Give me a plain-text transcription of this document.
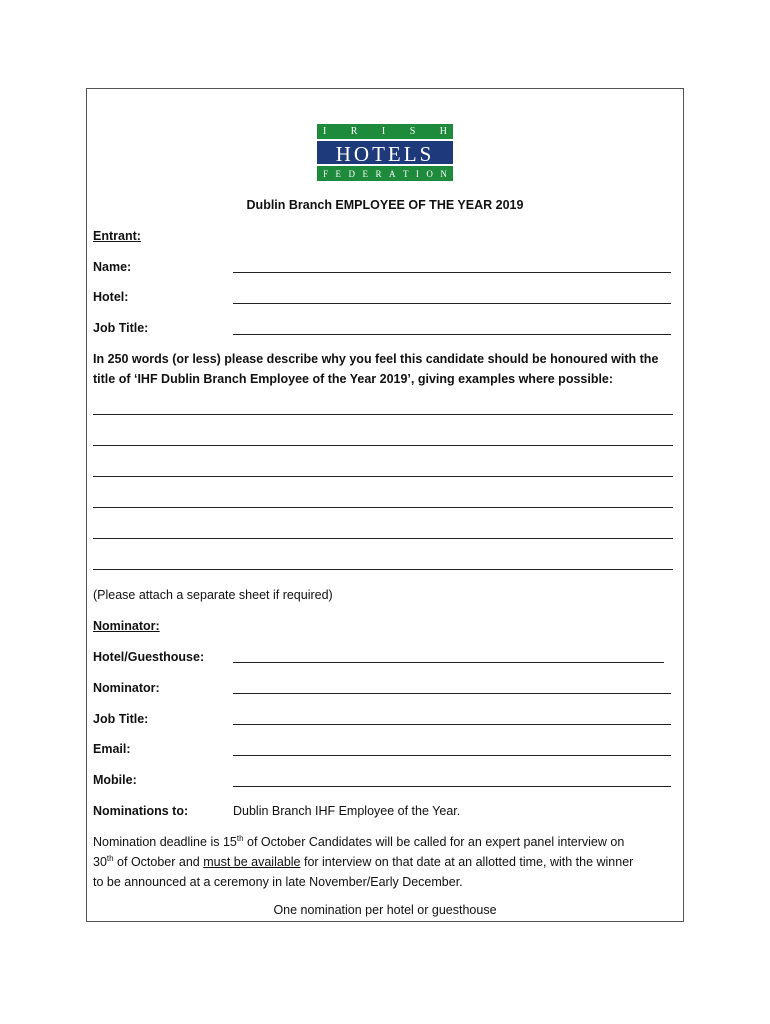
I R I S H
HOTELS
F E D E R A T I O N
Dublin Branch EMPLOYEE OF THE YEAR 2019
Entrant:
Name:
Hotel:
Job Title:
In 250 words (or less) please describe why you feel this candidate should be honoured with the
title of ‘IHF Dublin Branch Employee of the Year 2019’, giving examples where possible:
(Please attach a separate sheet if required)
Nominator:
Hotel/Guesthouse:
Nominator:
Job Title:
Email:
Mobile:
Nominations to:	Dublin Branch IHF Employee of the Year.
Nomination deadline is 15th of October Candidates will be called for an expert panel interview on
30th of October and must be available for interview on that date at an allotted time, with the winner
to be announced at a ceremony in late November/Early December.
One nomination per hotel or guesthouse
